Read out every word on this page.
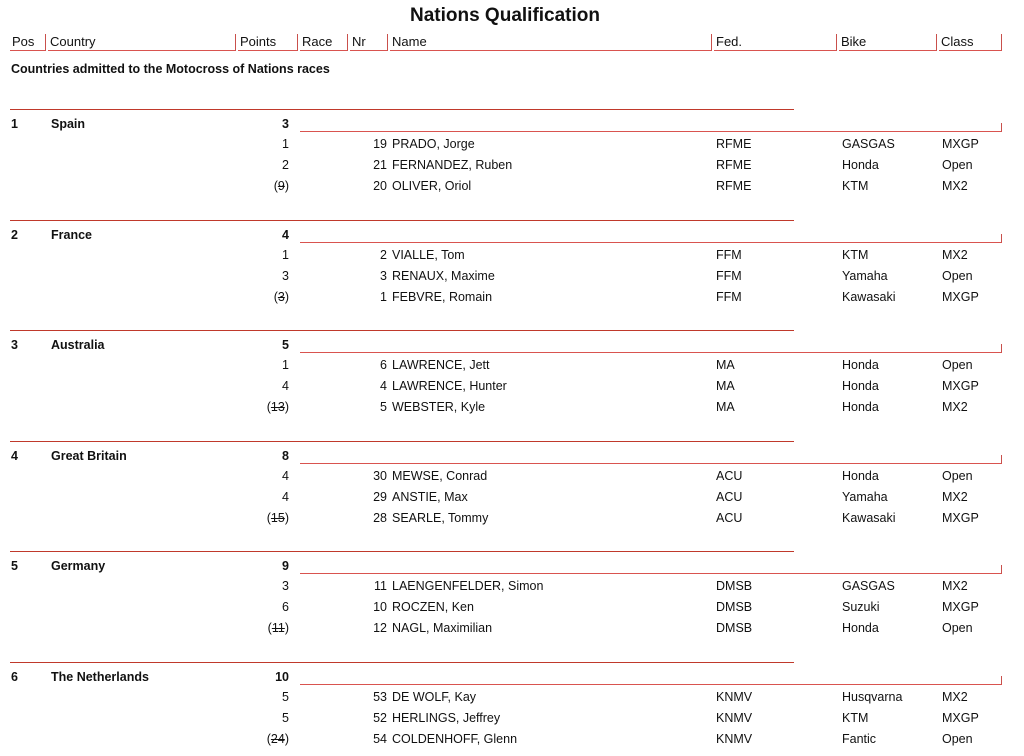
Nations Qualification
Pos	Country	Points	Race	Nr	Name	Fed.	Bike	Class
Countries admitted to the Motocross of Nations races
1	Spain	3
1	19 PRADO, Jorge	RFME	GASGAS	MXGP
2	21 FERNANDEZ, Ruben	RFME	Honda	Open
(9)	20 OLIVER, Oriol	RFME	KTM	MX2
2	France	4
1	2 VIALLE, Tom	FFM	KTM	MX2
3	3 RENAUX, Maxime	FFM	Yamaha	Open
(3)	1 FEBVRE, Romain	FFM	Kawasaki	MXGP
3	Australia	5
1	6 LAWRENCE, Jett	MA	Honda	Open
4	4 LAWRENCE, Hunter	MA	Honda	MXGP
(13)	5 WEBSTER, Kyle	MA	Honda	MX2
4	Great Britain	8
4	30 MEWSE, Conrad	ACU	Honda	Open
4	29 ANSTIE, Max	ACU	Yamaha	MX2
(15)	28 SEARLE, Tommy	ACU	Kawasaki	MXGP
5	Germany	9
3	11 LAENGENFELDER, Simon	DMSB	GASGAS	MX2
6	10 ROCZEN, Ken	DMSB	Suzuki	MXGP
(11)	12 NAGL, Maximilian	DMSB	Honda	Open
6	The Netherlands	10
5	53 DE WOLF, Kay	KNMV	Husqvarna	MX2
5	52 HERLINGS, Jeffrey	KNMV	KTM	MXGP
(24)	54 COLDENHOFF, Glenn	KNMV	Fantic	Open
